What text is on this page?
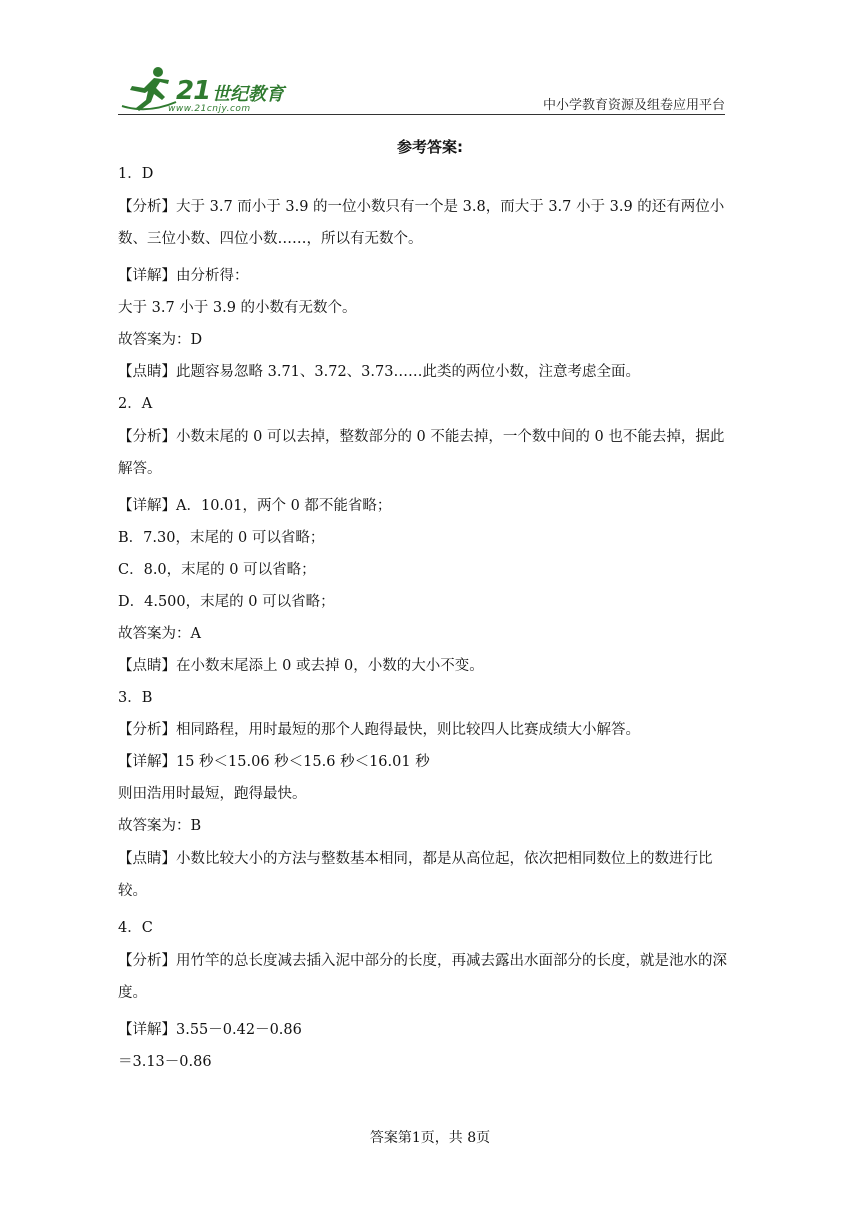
21 世纪教育
www.21cnjy.com	中小学教育资源及组卷应用平台
参考答案:
1．D
【分析】大于 3.7 而小于 3.9 的一位小数只有一个是 3.8，而大于 3.7 小于 3.9 的还有两位小数、三位小数、四位小数……，所以有无数个。
【详解】由分析得：
大于 3.7 小于 3.9 的小数有无数个。
故答案为：D
【点睛】此题容易忽略 3.71、3.72、3.73……此类的两位小数，注意考虑全面。
2．A
【分析】小数末尾的 0 可以去掉，整数部分的 0 不能去掉，一个数中间的 0 也不能去掉，据此解答。
【详解】A．10.01，两个 0 都不能省略；
B．7.30，末尾的 0 可以省略；
C．8.0，末尾的 0 可以省略；
D．4.500，末尾的 0 可以省略；
故答案为：A
【点睛】在小数末尾添上 0 或去掉 0，小数的大小不变。
3．B
【分析】相同路程，用时最短的那个人跑得最快，则比较四人比赛成绩大小解答。
【详解】15 秒＜15.06 秒＜15.6 秒＜16.01 秒
则田浩用时最短，跑得最快。
故答案为：B
【点睛】小数比较大小的方法与整数基本相同，都是从高位起，依次把相同数位上的数进行比较。
4．C
【分析】用竹竿的总长度减去插入泥中部分的长度，再减去露出水面部分的长度，就是池水的深度。
【详解】3.55－0.42－0.86
＝3.13－0.86
答案第1页，共 8页
